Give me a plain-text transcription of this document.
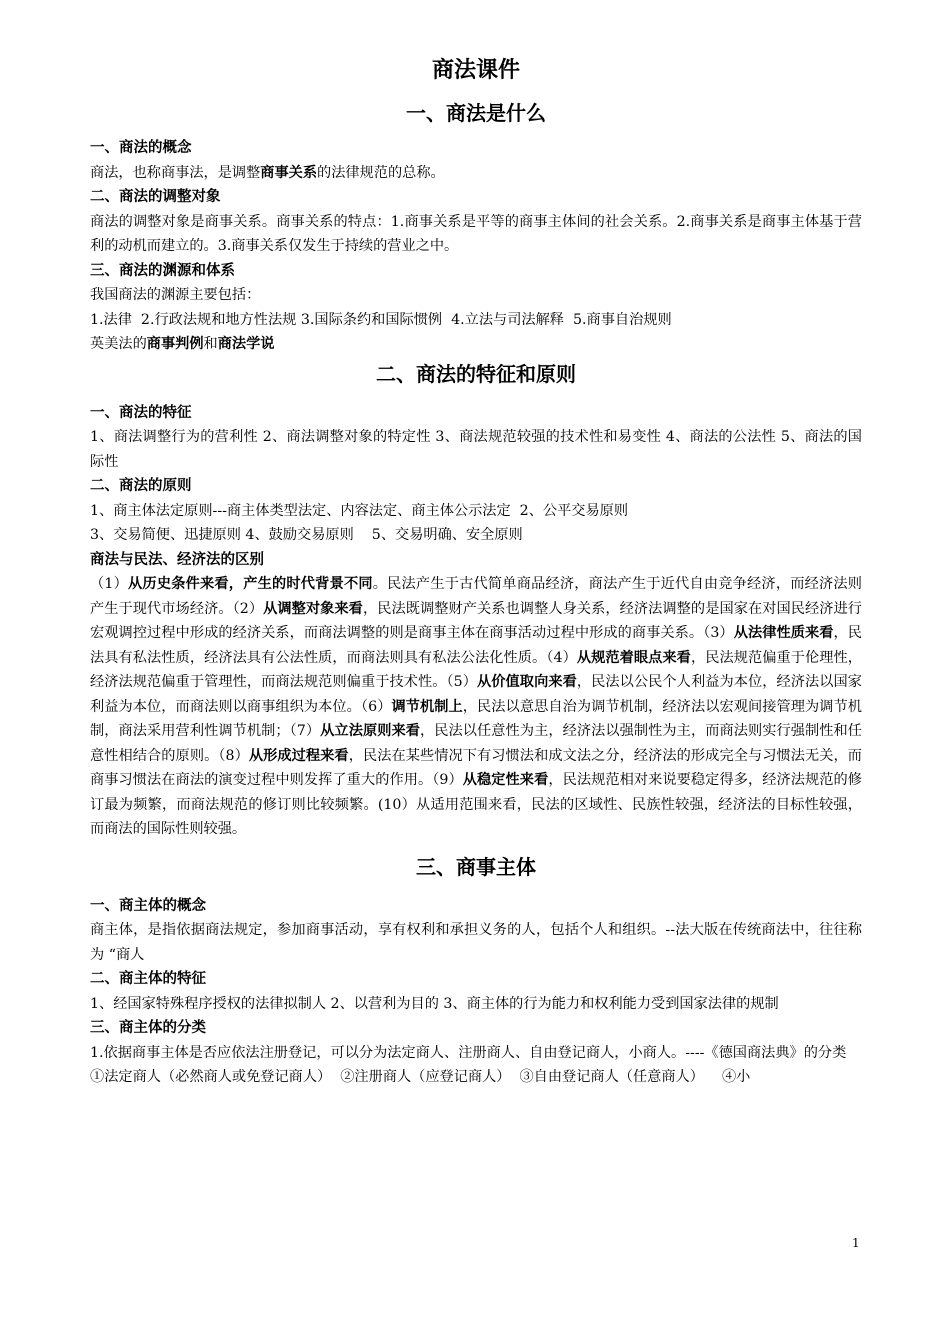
商法课件
一、商法是什么
一、商法的概念

商法，也称商事法，是调整商事关系的法律规范的总称。

二、商法的调整对象

商法的调整对象是商事关系。商事关系的特点：1.商事关系是平等的商事主体间的社会关系。2.商事关系是商事主体基于营利的动机而建立的。3.商事关系仅发生于持续的营业之中。

三、商法的渊源和体系

我国商法的渊源主要包括：

1.法律  2.行政法规和地方性法规 3.国际条约和国际惯例  4.立法与司法解释  5.商事自治规则

英美法的商事判例和商法学说

二、商法的特征和原则
一、商法的特征

1、商法调整行为的营利性 2、商法调整对象的特定性 3、商法规范较强的技术性和易变性 4、商法的公法性 5、商法的国际性

二、商法的原则

1、商主体法定原则---商主体类型法定、内容法定、商主体公示法定  2、公平交易原则

3、交易简便、迅捷原则 4、鼓励交易原则    5、交易明确、安全原则

商法与民法、经济法的区别

（1）从历史条件来看，产生的时代背景不同。民法产生于古代简单商品经济，商法产生于近代自由竞争经济，而经济法则产生于现代市场经济。（2）从调整对象来看，民法既调整财产关系也调整人身关系，经济法调整的是国家在对国民经济进行宏观调控过程中形成的经济关系，而商法调整的则是商事主体在商事活动过程中形成的商事关系。（3）从法律性质来看，民法具有私法性质，经济法具有公法性质，而商法则具有私法公法化性质。（4）从规范着眼点来看，民法规范偏重于伦理性，经济法规范偏重于管理性，而商法规范则偏重于技术性。（5）从价值取向来看，民法以公民个人利益为本位，经济法以国家利益为本位，而商法则以商事组织为本位。（6）调节机制上，民法以意思自治为调节机制，经济法以宏观间接管理为调节机制，商法采用营利性调节机制；（7）从立法原则来看，民法以任意性为主，经济法以强制性为主，而商法则实行强制性和任意性相结合的原则。（8）从形成过程来看，民法在某些情况下有习惯法和成文法之分，经济法的形成完全与习惯法无关，而商事习惯法在商法的演变过程中则发挥了重大的作用。（9）从稳定性来看，民法规范相对来说要稳定得多，经济法规范的修订最为频繁，而商法规范的修订则比较频繁。(10）从适用范围来看，民法的区域性、民族性较强，经济法的目标性较强，而商法的国际性则较强。

三、商事主体
一、商主体的概念

商主体，是指依据商法规定，参加商事活动，享有权利和承担义务的人，包括个人和组织。--法大版在传统商法中，往往称为 “商人

二、商主体的特征

1、经国家特殊程序授权的法律拟制人 2、以营利为目的 3、商主体的行为能力和权利能力受到国家法律的规制

三、商主体的分类

1.依据商事主体是否应依法注册登记，可以分为法定商人、注册商人、自由登记商人，小商人。----《德国商法典》的分类

①法定商人（必然商人或免登记商人）  ②注册商人（应登记商人）  ③自由登记商人（任意商人）    ④小

1
